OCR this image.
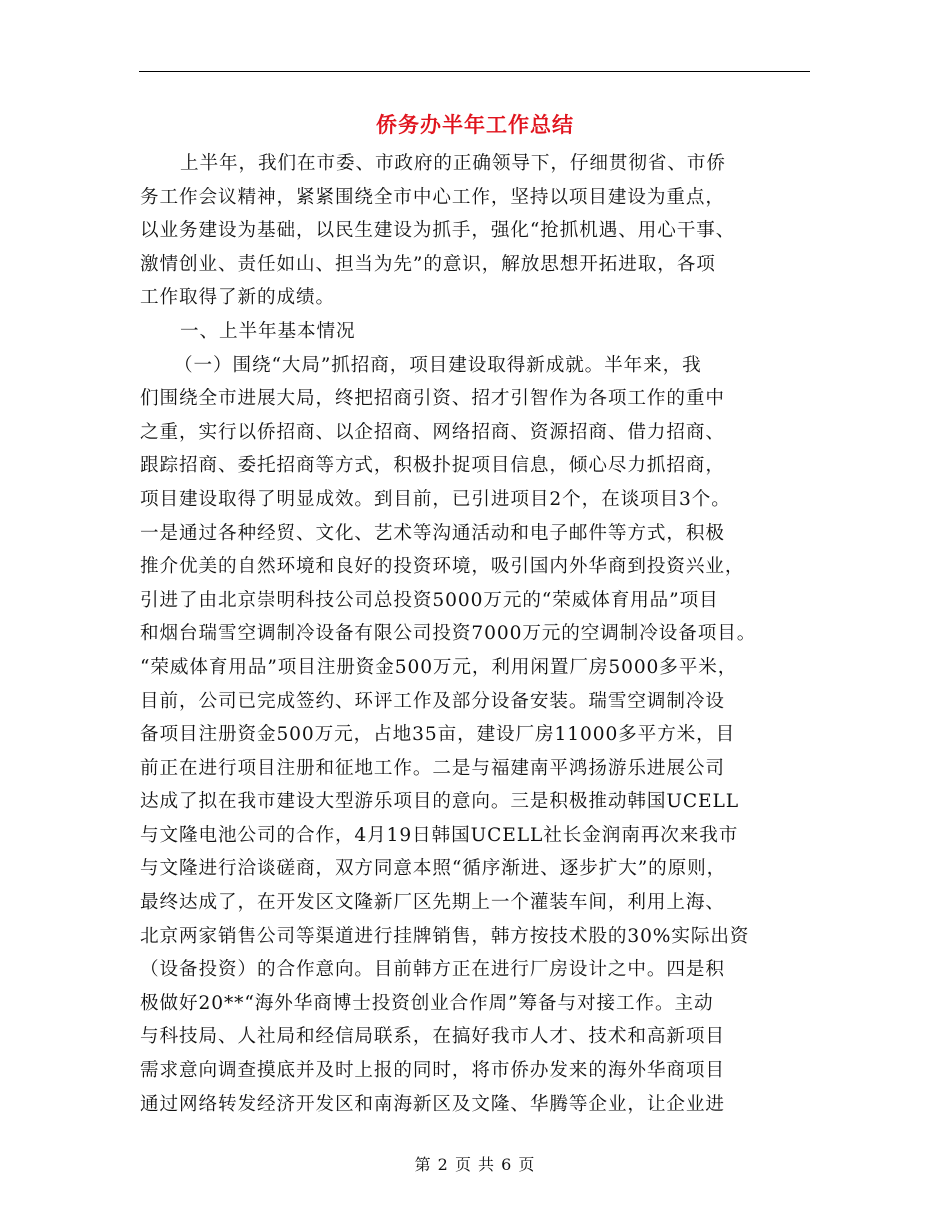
侨务办半年工作总结
上半年，我们在市委、市政府的正确领导下，仔细贯彻省、市侨
务工作会议精神，紧紧围绕全市中心工作，坚持以项目建设为重点，
以业务建设为基础，以民生建设为抓手，强化“抢抓机遇、用心干事、
激情创业、责任如山、担当为先”的意识，解放思想开拓进取，各项
工作取得了新的成绩。
一、上半年基本情况
（一）围绕“大局”抓招商，项目建设取得新成就。半年来，我
们围绕全市进展大局，终把招商引资、招才引智作为各项工作的重中
之重，实行以侨招商、以企招商、网络招商、资源招商、借力招商、
跟踪招商、委托招商等方式，积极扑捉项目信息，倾心尽力抓招商，
项目建设取得了明显成效。到目前，已引进项目2个，在谈项目3个。
一是通过各种经贸、文化、艺术等沟通活动和电子邮件等方式，积极
推介优美的自然环境和良好的投资环境，吸引国内外华商到投资兴业，
引进了由北京崇明科技公司总投资5000万元的“荣威体育用品”项目
和烟台瑞雪空调制冷设备有限公司投资7000万元的空调制冷设备项目。
“荣威体育用品”项目注册资金500万元，利用闲置厂房5000多平米，
目前，公司已完成签约、环评工作及部分设备安装。瑞雪空调制冷设
备项目注册资金500万元，占地35亩，建设厂房11000多平方米，目
前正在进行项目注册和征地工作。二是与福建南平鸿扬游乐进展公司
达成了拟在我市建设大型游乐项目的意向。三是积极推动韩国UCELL
与文隆电池公司的合作，4月19日韩国UCELL社长金润南再次来我市
与文隆进行洽谈磋商，双方同意本照“循序渐进、逐步扩大”的原则，
最终达成了，在开发区文隆新厂区先期上一个灌装车间，利用上海、
北京两家销售公司等渠道进行挂牌销售，韩方按技术股的30%实际出资
（设备投资）的合作意向。目前韩方正在进行厂房设计之中。四是积
极做好20**“海外华商博士投资创业合作周”筹备与对接工作。主动
与科技局、人社局和经信局联系，在搞好我市人才、技术和高新项目
需求意向调查摸底并及时上报的同时，将市侨办发来的海外华商项目
通过网络转发经济开发区和南海新区及文隆、华腾等企业，让企业进
第 2 页 共 6 页
